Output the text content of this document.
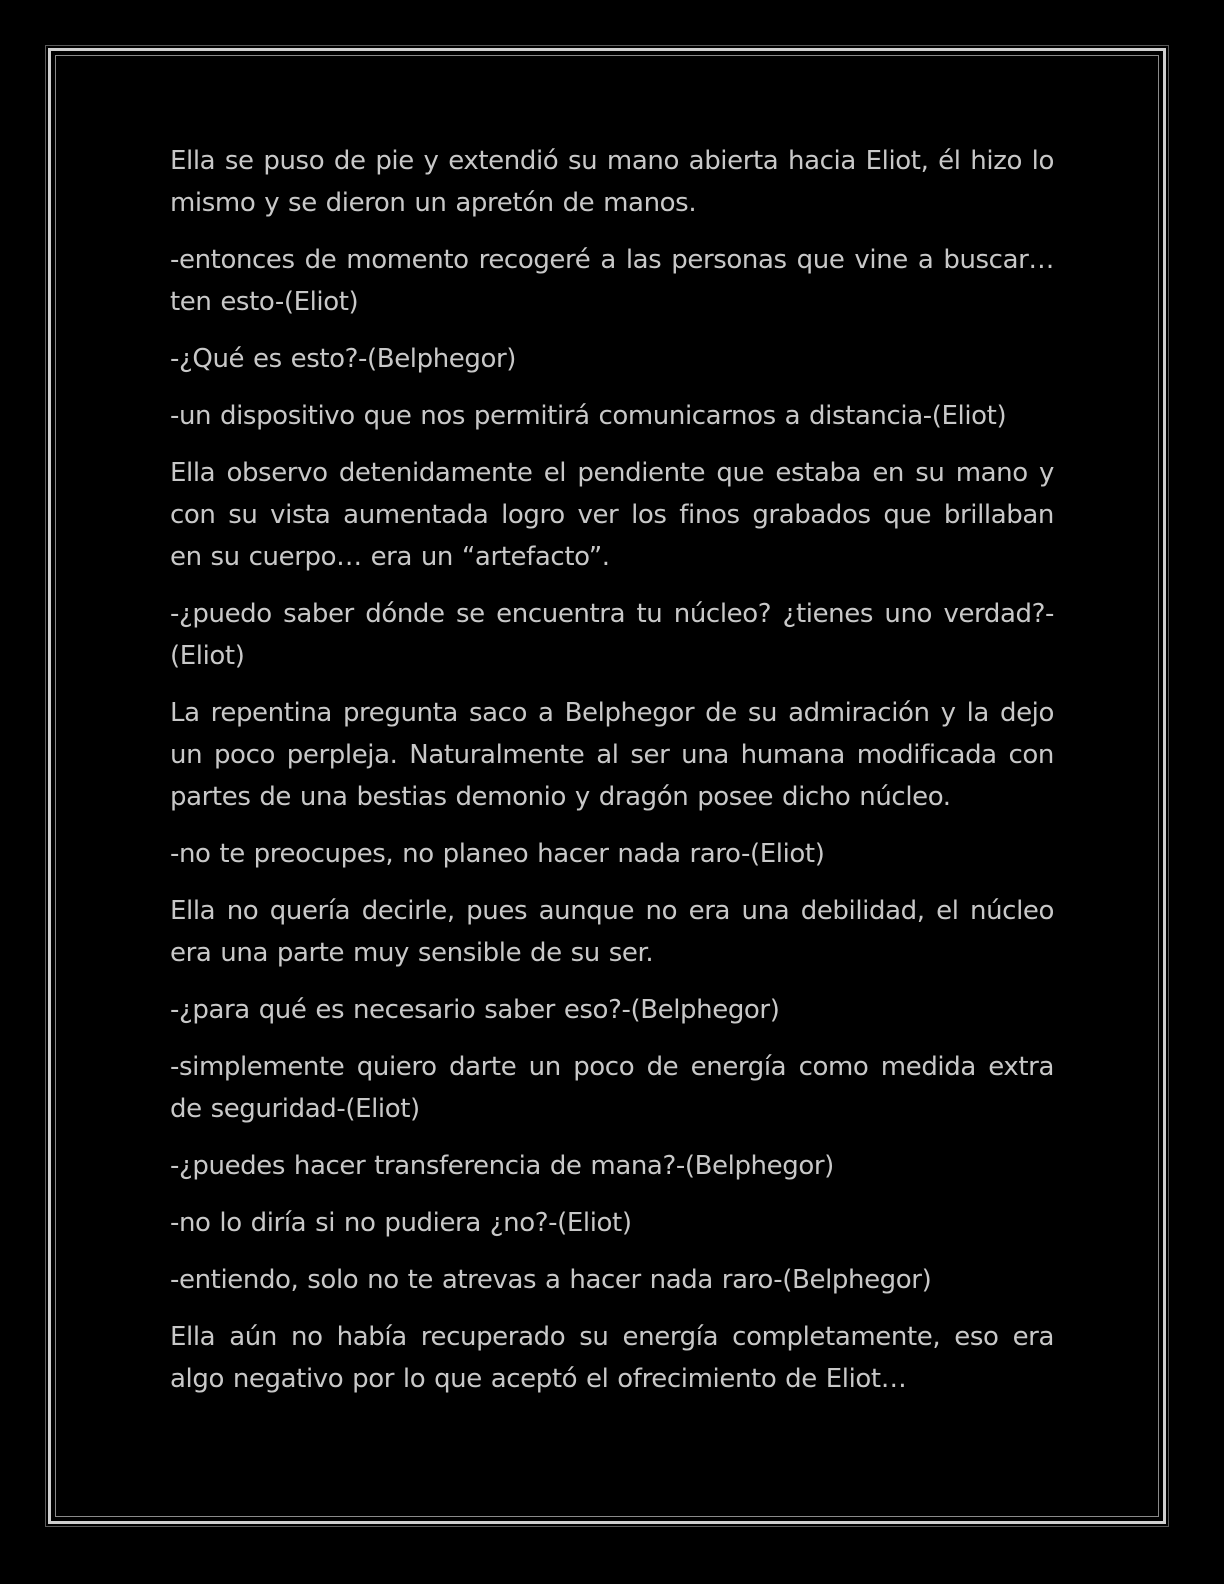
Ella se puso de pie y extendió su mano abierta hacia Eliot, él hizo lo mismo y se dieron un apretón de manos.

-entonces de momento recogeré a las personas que vine a buscar… ten esto-(Eliot)

-¿Qué es esto?-(Belphegor)

-un dispositivo que nos permitirá comunicarnos a distancia-(Eliot)

Ella observo detenidamente el pendiente que estaba en su mano y con su vista aumentada logro ver los finos grabados que brillaban en su cuerpo… era un “artefacto”.

-¿puedo saber dónde se encuentra tu núcleo? ¿tienes uno verdad?-(Eliot)

La repentina pregunta saco a Belphegor de su admiración y la dejo un poco perpleja. Naturalmente al ser una humana modificada con partes de una bestias demonio y dragón posee dicho núcleo.

-no te preocupes, no planeo hacer nada raro-(Eliot)

Ella no quería decirle, pues aunque no era una debilidad, el núcleo era una parte muy sensible de su ser.

-¿para qué es necesario saber eso?-(Belphegor)

-simplemente quiero darte un poco de energía como medida extra de seguridad-(Eliot)

-¿puedes hacer transferencia de mana?-(Belphegor)

-no lo diría si no pudiera ¿no?-(Eliot)

-entiendo, solo no te atrevas a hacer nada raro-(Belphegor)

Ella aún no había recuperado su energía completamente, eso era algo negativo por lo que aceptó el ofrecimiento de Eliot…
